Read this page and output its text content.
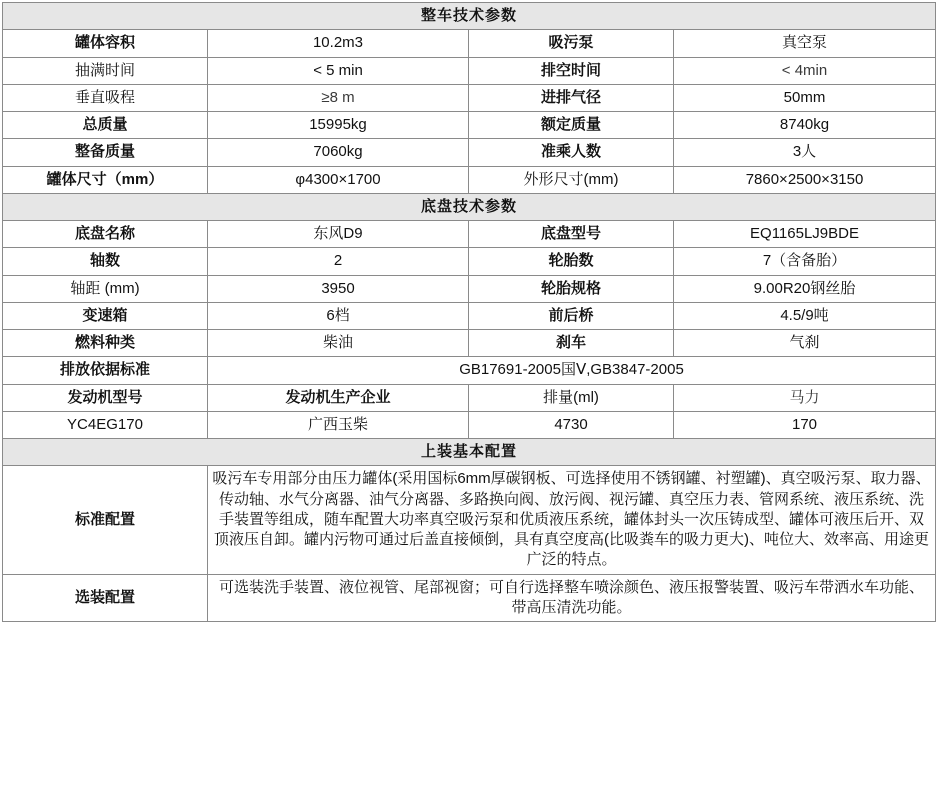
整车技术参数			
罐体容积	10.2m3	吸污泵	真空泵
抽满时间	< 5 min	排空时间	< 4min
垂直吸程	≥8 m	进排气径	50mm
总质量	15995kg	额定质量	8740kg
整备质量	7060kg	准乘人数	3人
罐体尺寸（mm）	φ4300×1700	外形尺寸(mm)	7860×2500×3150
底盘技术参数			
底盘名称	东风D9	底盘型号	EQ1165LJ9BDE
轴数	2	轮胎数	7（含备胎）
轴距 (mm)	3950	轮胎规格	9.00R20钢丝胎
变速箱	6档	前后桥	4.5/9吨
燃料种类	柴油	刹车	气刹
排放依据标准	GB17691-2005国Ⅴ,GB3847-2005		
发动机型号	发动机生产企业	排量(ml)	马力
YC4EG170	广西玉柴	4730	170
上装基本配置			
标准配置	吸污车专用部分由压力罐体(采用国标6mm厚碳钢板、可选择使用不锈钢罐、衬塑罐)、真空吸污泵、取力器、传动轴、水气分离器、油气分离器、多路换向阀、放污阀、视污罐、真空压力表、管网系统、液压系统、洗手装置等组成，随车配置大功率真空吸污泵和优质液压系统，罐体封头一次压铸成型、罐体可液压后开、双顶液压自卸。罐内污物可通过后盖直接倾倒，具有真空度高(比吸粪车的吸力更大)、吨位大、效率高、用途更广泛的特点。		
选装配置	可选装洗手装置、液位视管、尾部视窗；可自行选择整车喷涂颜色、液压报警装置、吸污车带洒水车功能、带高压清洗功能。		
